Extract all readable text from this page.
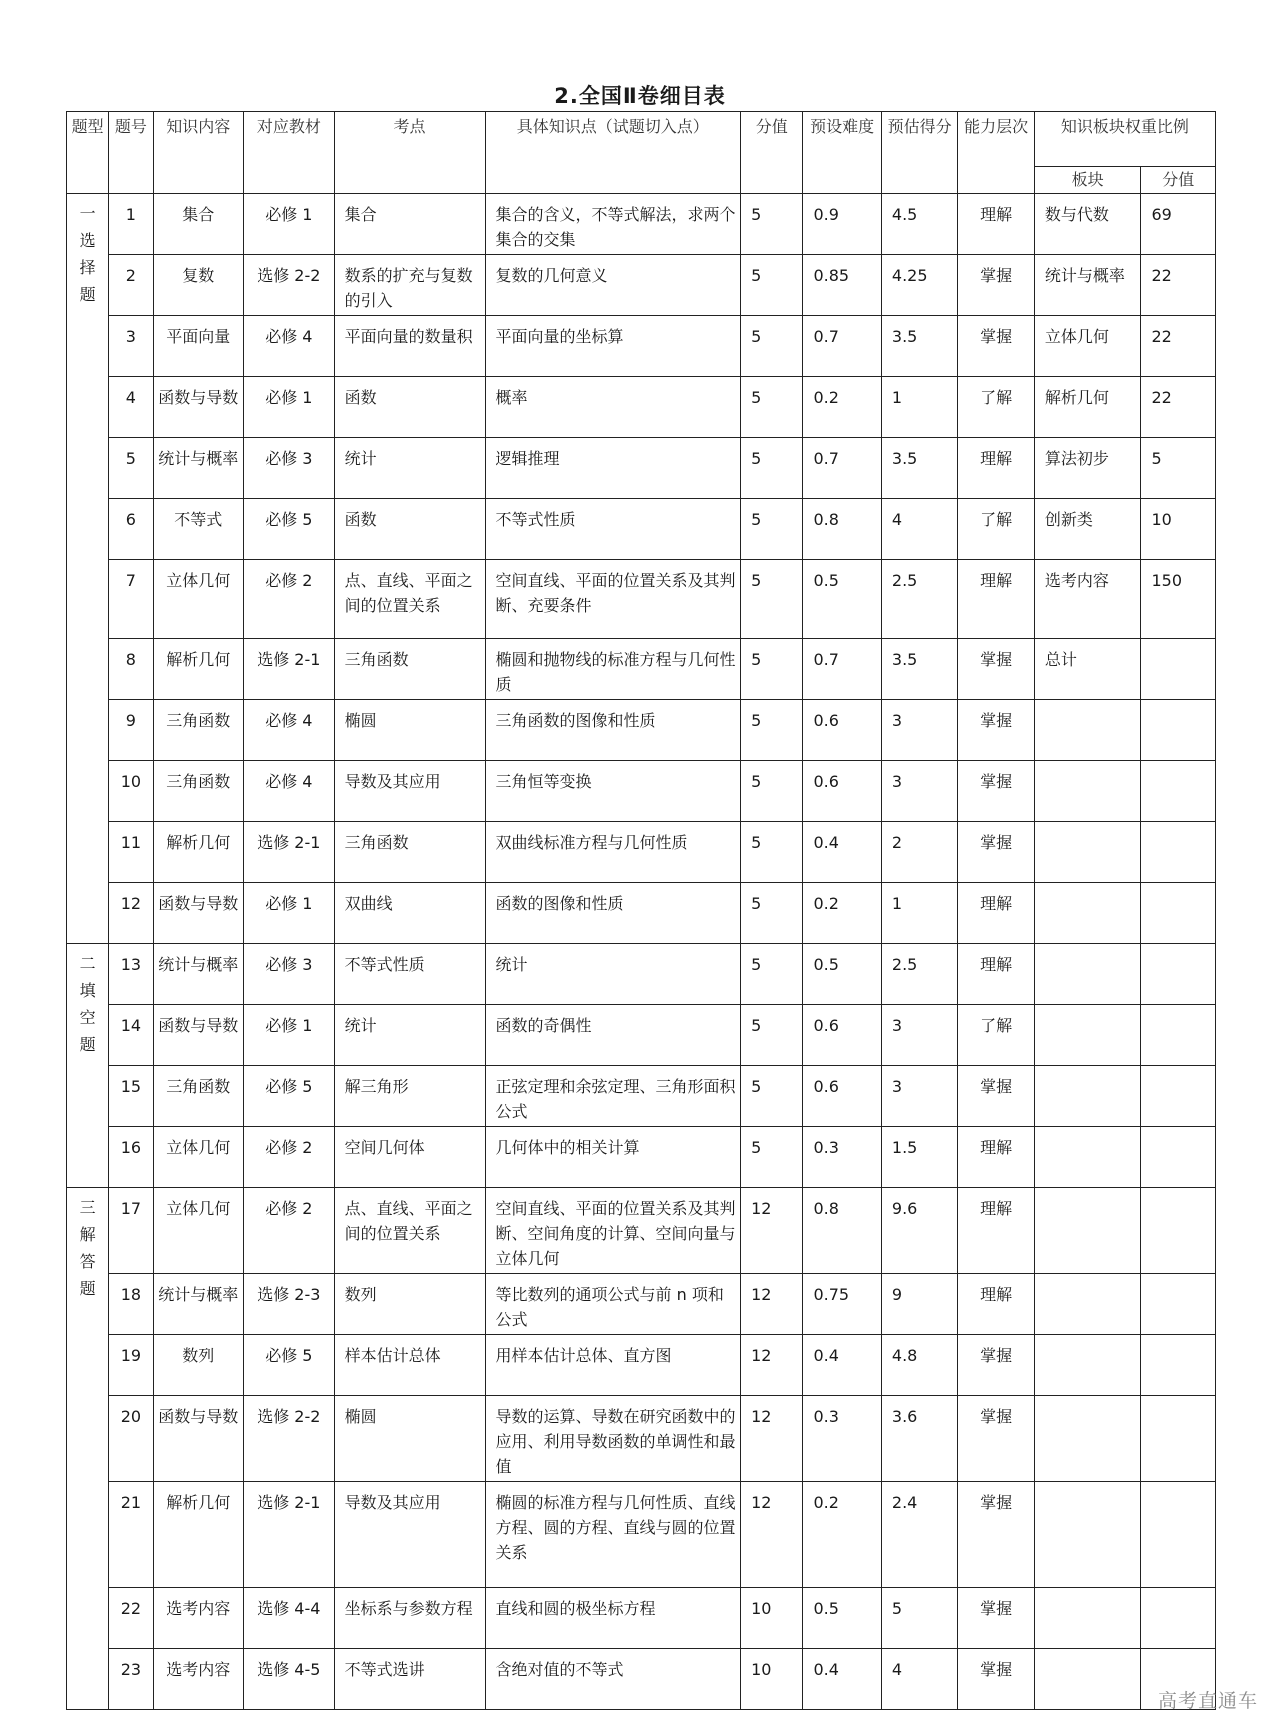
2.全国Ⅱ卷细目表
题型	题号	知识内容	对应教材	考点	具体知识点（试题切入点）	分值	预设难度	预估得分	能力层次	知识板块权重比例	
										板块	分值

一
选
择
题	1	集合	必修 1	集合	集合的含义，不等式解法，求两个集合的交集	5	0.9	4.5	理解	数与代数	69
	2	复数	选修 2-2	数系的扩充与复数的引入	复数的几何意义	5	0.85	4.25	掌握	统计与概率	22
	3	平面向量	必修 4	平面向量的数量积	平面向量的坐标算	5	0.7	3.5	掌握	立体几何	22
	4	函数与导数	必修 1	函数	概率	5	0.2	1	了解	解析几何	22
	5	统计与概率	必修 3	统计	逻辑推理	5	0.7	3.5	理解	算法初步	5
	6	不等式	必修 5	函数	不等式性质	5	0.8	4	了解	创新类	10
	7	立体几何	必修 2	点、直线、平面之间的位置关系	空间直线、平面的位置关系及其判断、充要条件	5	0.5	2.5	理解	选考内容	150
	8	解析几何	选修 2-1	三角函数	椭圆和抛物线的标准方程与几何性质	5	0.7	3.5	掌握	总计	
	9	三角函数	必修 4	椭圆	三角函数的图像和性质	5	0.6	3	掌握		
	10	三角函数	必修 4	导数及其应用	三角恒等变换	5	0.6	3	掌握		
	11	解析几何	选修 2-1	三角函数	双曲线标准方程与几何性质	5	0.4	2	掌握		
	12	函数与导数	必修 1	双曲线	函数的图像和性质	5	0.2	1	理解		

二
填
空
题	13	统计与概率	必修 3	不等式性质	统计	5	0.5	2.5	理解		
	14	函数与导数	必修 1	统计	函数的奇偶性	5	0.6	3	了解		
	15	三角函数	必修 5	解三角形	正弦定理和余弦定理、三角形面积公式	5	0.6	3	掌握		
	16	立体几何	必修 2	空间几何体	几何体中的相关计算	5	0.3	1.5	理解		

三
解
答
题	17	立体几何	必修 2	点、直线、平面之间的位置关系	空间直线、平面的位置关系及其判断、空间角度的计算、空间向量与立体几何	12	0.8	9.6	理解		
	18	统计与概率	选修 2-3	数列	等比数列的通项公式与前 n 项和公式	12	0.75	9	理解		
	19	数列	必修 5	样本估计总体	用样本估计总体、直方图	12	0.4	4.8	掌握		
	20	函数与导数	选修 2-2	椭圆	导数的运算、导数在研究函数中的应用、利用导数函数的单调性和最值	12	0.3	3.6	掌握		
	21	解析几何	选修 2-1	导数及其应用	椭圆的标准方程与几何性质、直线方程、圆的方程、直线与圆的位置关系	12	0.2	2.4	掌握		
	22	选考内容	选修 4-4	坐标系与参数方程	直线和圆的极坐标方程	10	0.5	5	掌握		
	23	选考内容	选修 4-5	不等式选讲	含绝对值的不等式	10	0.4	4	掌握		
高考直通车
